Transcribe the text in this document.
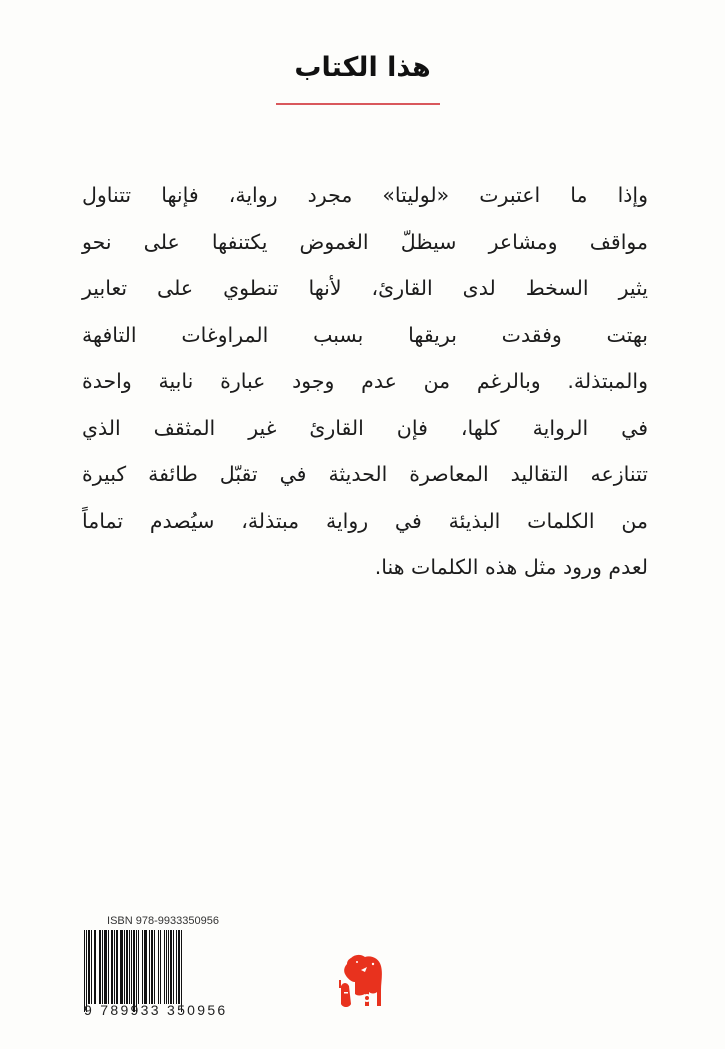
هذا الكتاب
وإذا ما اعتبرت «لوليتا» مجرد رواية، فإنها تتناول
مواقف ومشاعر سيظلّ الغموض يكتنفها على نحو
يثير السخط لدى القارئ، لأنها تنطوي على تعابير
بهتت وفقدت بريقها بسبب المراوغات التافهة
والمبتذلة. وبالرغم من عدم وجود عبارة نابية واحدة
في الرواية كلها، فإن القارئ غير المثقف الذي
تتنازعه التقاليد المعاصرة الحديثة في تقبّل طائفة كبيرة
من الكلمات البذيئة في رواية مبتذلة، سيُصدم تماماً
لعدم ورود مثل هذه الكلمات هنا.
ISBN 978-9933350956
9 789933 350956
